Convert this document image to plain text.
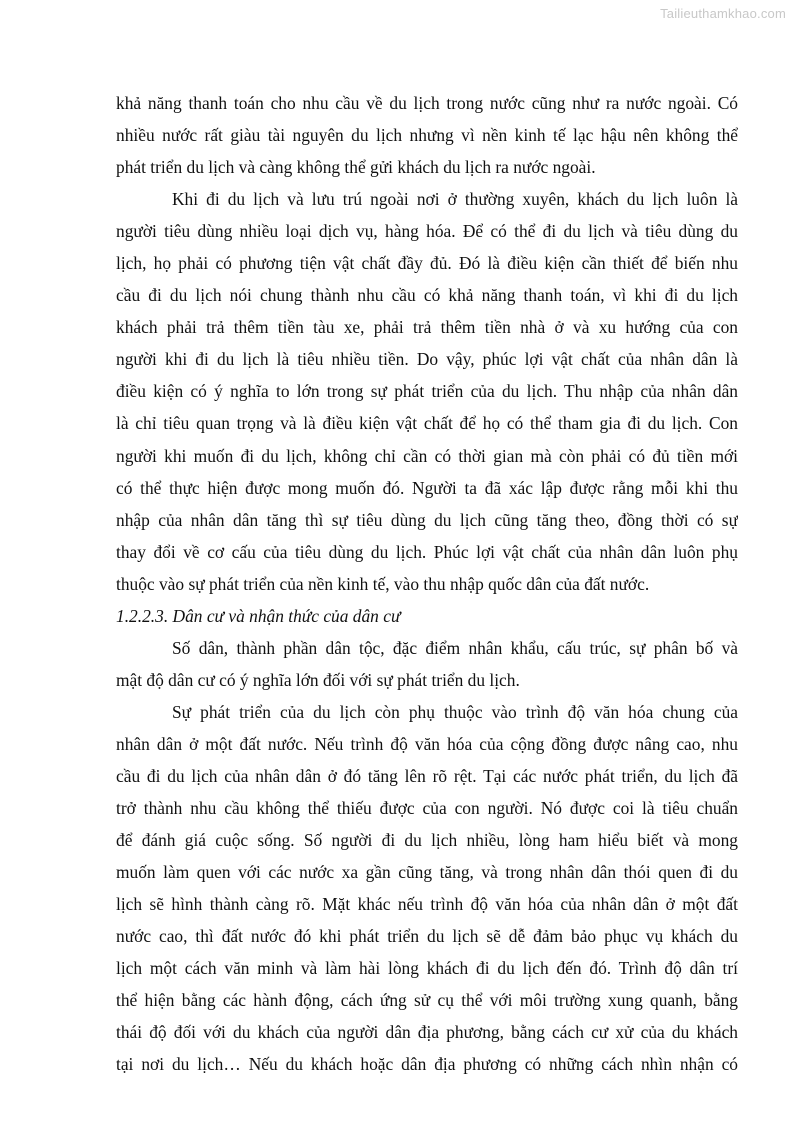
Tailieuthamkhao.com
khả năng thanh toán cho nhu cầu về du lịch trong nước cũng như ra nước ngoài. Có
nhiều nước rất giàu tài nguyên du lịch nhưng vì nền kinh tế lạc hậu nên không thể
phát triển du lịch và càng không thể gửi khách du lịch ra nước ngoài.
Khi đi du lịch và lưu trú ngoài nơi ở thường xuyên, khách du lịch luôn là
người tiêu dùng nhiều loại dịch vụ, hàng hóa. Để có thể đi du lịch và tiêu dùng du
lịch, họ phải có phương tiện vật chất đầy đủ. Đó là điều kiện cần thiết để biến nhu
cầu đi du lịch nói chung thành nhu cầu có khả năng thanh toán, vì khi đi du lịch
khách phải trả thêm tiền tàu xe, phải trả thêm tiền nhà ở và xu hướng của con
người khi đi du lịch là tiêu nhiều tiền. Do vậy, phúc lợi vật chất của nhân dân là
điều kiện có ý nghĩa to lớn trong sự phát triển của du lịch. Thu nhập của nhân dân
là chỉ tiêu quan trọng và là điều kiện vật chất để họ có thể tham gia đi du lịch. Con
người khi muốn đi du lịch, không chỉ cần có thời gian mà còn phải có đủ tiền mới
có thể thực hiện được mong muốn đó. Người ta đã xác lập được rằng mỗi khi thu
nhập của nhân dân tăng thì sự tiêu dùng du lịch cũng tăng theo, đồng thời có sự
thay đổi về cơ cấu của tiêu dùng du lịch. Phúc lợi vật chất của nhân dân luôn phụ
thuộc vào sự phát triển của nền kinh tế, vào thu nhập quốc dân của đất nước.
1.2.2.3. Dân cư và nhận thức của dân cư
Số dân, thành phần dân tộc, đặc điểm nhân khẩu, cấu trúc, sự phân bố và
mật độ dân cư có ý nghĩa lớn đối với sự phát triển du lịch.
Sự phát triển của du lịch còn phụ thuộc vào trình độ văn hóa chung của
nhân dân ở một đất nước. Nếu trình độ văn hóa của cộng đồng được nâng cao, nhu
cầu đi du lịch của nhân dân ở đó tăng lên rõ rệt. Tại các nước phát triển, du lịch đã
trở thành nhu cầu không thể thiếu được của con người. Nó được coi là tiêu chuẩn
để đánh giá cuộc sống. Số người đi du lịch nhiều, lòng ham hiểu biết và mong
muốn làm quen với các nước xa gần cũng tăng, và trong nhân dân thói quen đi du
lịch sẽ hình thành càng rõ. Mặt khác nếu trình độ văn hóa của nhân dân ở một đất
nước cao, thì đất nước đó khi phát triển du lịch sẽ dễ đảm bảo phục vụ khách du
lịch một cách văn minh và làm hài lòng khách đi du lịch đến đó. Trình độ dân trí
thể hiện bằng các hành động, cách ứng sử cụ thể với môi trường xung quanh, bằng
thái độ đối với du khách của người dân địa phương, bằng cách cư xử của du khách
tại nơi du lịch… Nếu du khách hoặc dân địa phương có những cách nhìn nhận có
